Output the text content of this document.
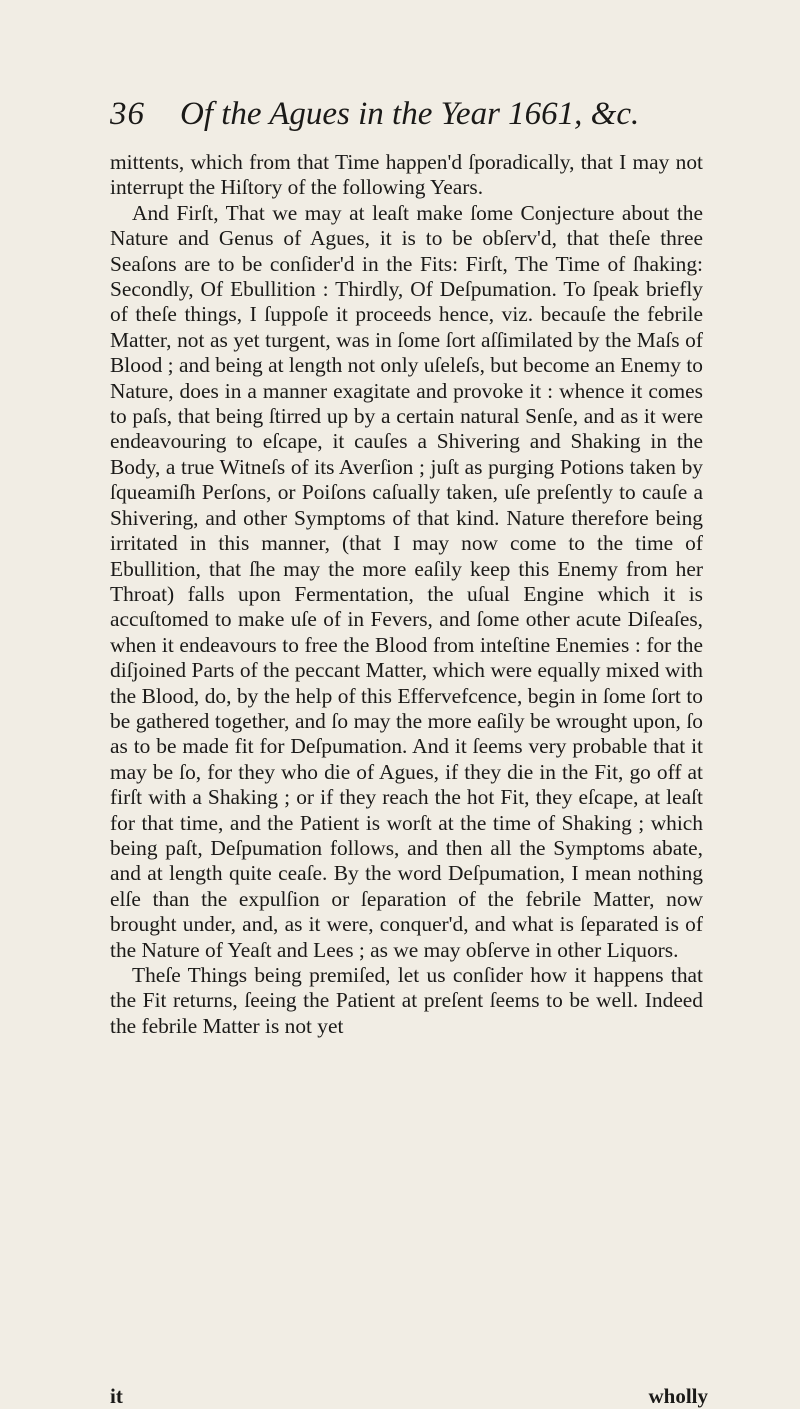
36	Of the Agues in the Year 1661, &c.

mittents, which from that Time happen'd ſporadically, that I may not interrupt the Hiſtory of the following Years.

And Firſt, That we may at leaſt make ſome Conjecture about the Nature and Genus of Agues, it is to be obſerv'd, that theſe three Seaſons are to be conſider'd in the Fits: Firſt, The Time of ſhaking: Secondly, Of Ebullition : Thirdly, Of Deſpumation. To ſpeak briefly of theſe things, I ſuppoſe it proceeds hence, viz. becauſe the febrile Matter, not as yet turgent, was in ſome ſort aſſimilated by the Maſs of Blood ; and being at length not only uſeleſs, but become an Enemy to Nature, does in a manner exagitate and provoke it : whence it comes to paſs, that being ſtirred up by a certain natural Senſe, and as it were endeavouring to eſcape, it cauſes a Shivering and Shaking in the Body, a true Witneſs of its Averſion ; juſt as purging Potions taken by ſqueamiſh Perſons, or Poiſons caſually taken, uſe preſently to cauſe a Shivering, and other Symptoms of that kind. Nature therefore being irritated in this manner, (that I may now come to the time of Ebullition, that ſhe may the more eaſily keep this Enemy from her Throat) falls upon Fermentation, the uſual Engine which it is accuſtomed to make uſe of in Fevers, and ſome other acute Diſeaſes, when it endeavours to free the Blood from inteſtine Enemies : for the diſjoined Parts of the peccant Matter, which were equally mixed with the Blood, do, by the help of this Effervefcence, begin in ſome ſort to be gathered together, and ſo may the more eaſily be wrought upon, ſo as to be made fit for Deſpumation. And it ſeems very probable that it may be ſo, for they who die of Agues, if they die in the Fit, go off at firſt with a Shaking ; or if they reach the hot Fit, they eſcape, at leaſt for that time, and the Patient is worſt at the time of Shaking ; which being paſt, Deſpumation follows, and then all the Symptoms abate, and at length quite ceaſe. By the word Deſpumation, I mean nothing elſe than the expulſion or ſeparation of the febrile Matter, now brought under, and, as it were, conquer'd, and what is ſeparated is of the Nature of Yeaſt and Lees ; as we may obſerve in other Liquors.

Theſe Things being premiſed, let us conſider how it happens that the Fit returns, ſeeing the Patient at preſent ſeems to be well. Indeed the febrile Matter is not yet

it	wholly
